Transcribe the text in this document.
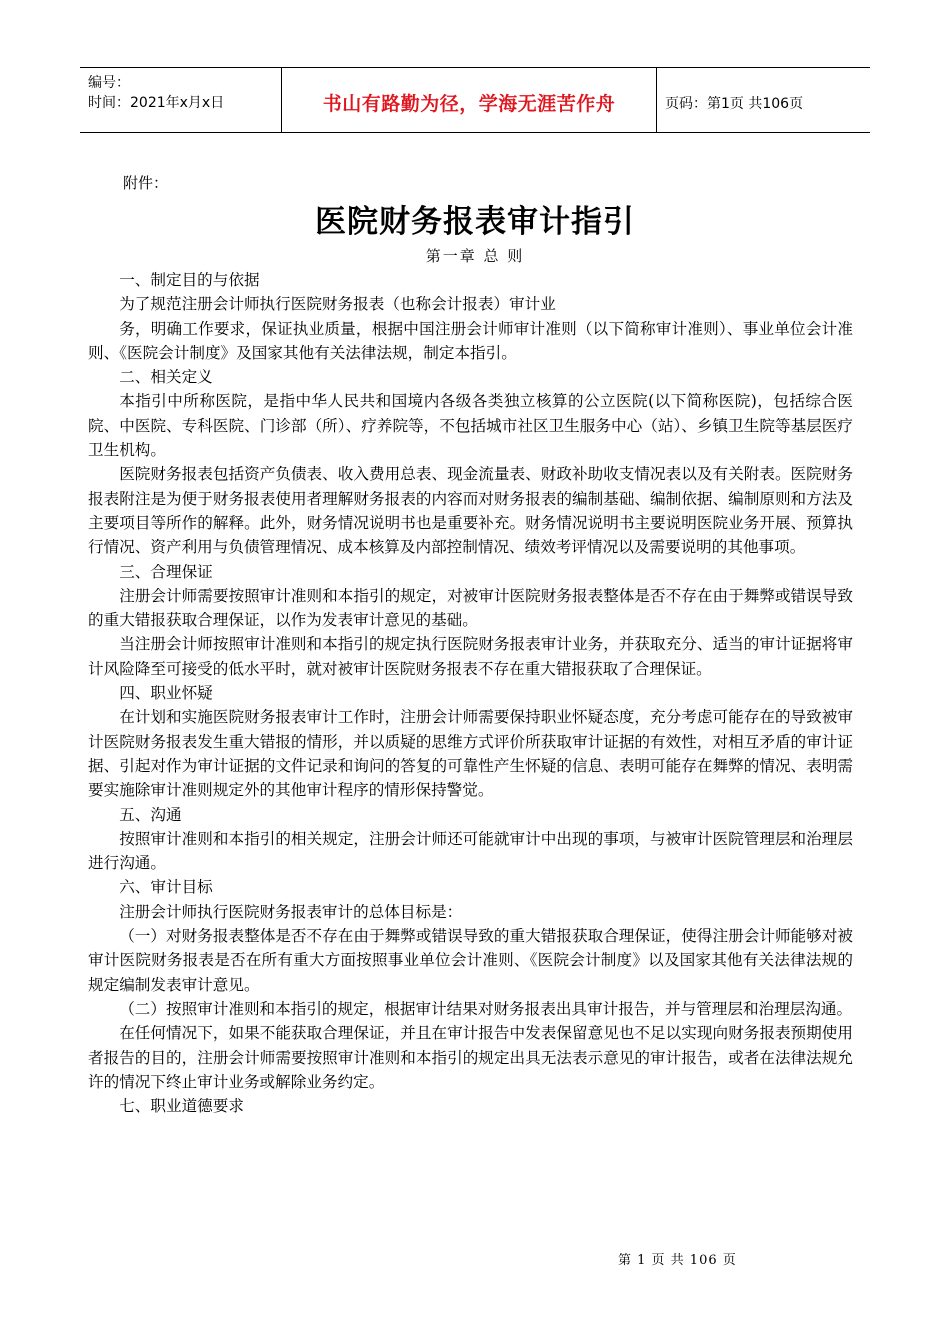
编号：
时间：2021年x月x日	书山有路勤为径，学海无涯苦作舟	页码：第1页 共106页
附件：
医院财务报表审计指引
第一章 总 则

一、制定目的与依据

为了规范注册会计师执行医院财务报表（也称会计报表）审计业

务，明确工作要求，保证执业质量，根据中国注册会计师审计准则（以下简称审计准则）、事业单位会计准则、《医院会计制度》及国家其他有关法律法规，制定本指引。

二、相关定义

本指引中所称医院，是指中华人民共和国境内各级各类独立核算的公立医院(以下简称医院)，包括综合医院、中医院、专科医院、门诊部（所）、疗养院等，不包括城市社区卫生服务中心（站）、乡镇卫生院等基层医疗卫生机构。

医院财务报表包括资产负债表、收入费用总表、现金流量表、财政补助收支情况表以及有关附表。医院财务报表附注是为便于财务报表使用者理解财务报表的内容而对财务报表的编制基础、编制依据、编制原则和方法及主要项目等所作的解释。此外，财务情况说明书也是重要补充。财务情况说明书主要说明医院业务开展、预算执行情况、资产利用与负债管理情况、成本核算及内部控制情况、绩效考评情况以及需要说明的其他事项。

三、合理保证

注册会计师需要按照审计准则和本指引的规定，对被审计医院财务报表整体是否不存在由于舞弊或错误导致的重大错报获取合理保证，以作为发表审计意见的基础。

当注册会计师按照审计准则和本指引的规定执行医院财务报表审计业务，并获取充分、适当的审计证据将审计风险降至可接受的低水平时，就对被审计医院财务报表不存在重大错报获取了合理保证。

四、职业怀疑

在计划和实施医院财务报表审计工作时，注册会计师需要保持职业怀疑态度，充分考虑可能存在的导致被审计医院财务报表发生重大错报的情形，并以质疑的思维方式评价所获取审计证据的有效性，对相互矛盾的审计证据、引起对作为审计证据的文件记录和询问的答复的可靠性产生怀疑的信息、表明可能存在舞弊的情况、表明需要实施除审计准则规定外的其他审计程序的情形保持警觉。

五、沟通

按照审计准则和本指引的相关规定，注册会计师还可能就审计中出现的事项，与被审计医院管理层和治理层进行沟通。

六、审计目标

注册会计师执行医院财务报表审计的总体目标是：

（一）对财务报表整体是否不存在由于舞弊或错误导致的重大错报获取合理保证，使得注册会计师能够对被审计医院财务报表是否在所有重大方面按照事业单位会计准则、《医院会计制度》以及国家其他有关法律法规的规定编制发表审计意见。

（二）按照审计准则和本指引的规定，根据审计结果对财务报表出具审计报告，并与管理层和治理层沟通。

在任何情况下，如果不能获取合理保证，并且在审计报告中发表保留意见也不足以实现向财务报表预期使用者报告的目的，注册会计师需要按照审计准则和本指引的规定出具无法表示意见的审计报告，或者在法律法规允许的情况下终止审计业务或解除业务约定。

七、职业道德要求

第 1 页 共 106 页
